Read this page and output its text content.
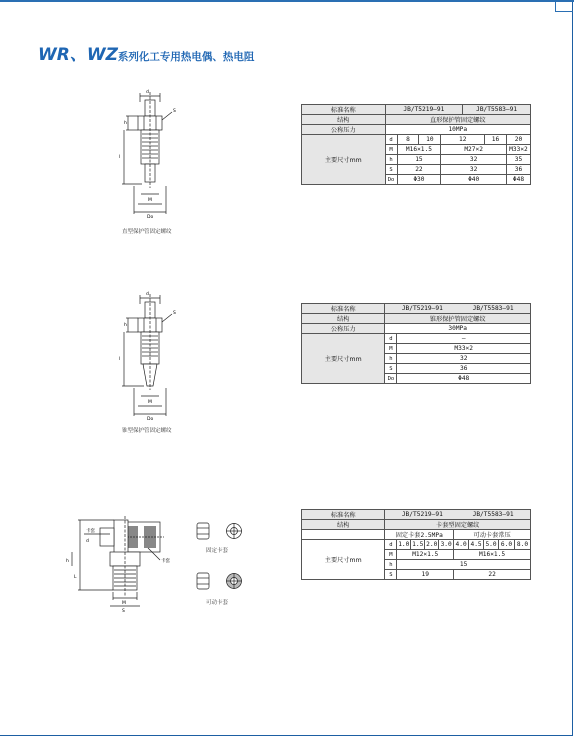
WR、WZ系列化工专用热电偶、热电阻
d
S
h
l
M
Do
直型保护管固定螺纹
标准名称	JB/T5219—91				JB/T5583—91		
结构	直形保护管固定螺纹						
公称压力	10MPa						
主要尺寸mm	d	8	10	12		16	20
	M	M16×1.5		M27×2			M33×2
	h	15		32			35
	S	22		32			36
	Do	Φ30		Φ40			Φ48
d
S
h
l
M
Do
锥型保护管固定螺纹
标准名称	JB/T5219—91 JB/T5583—91	
结构	锥形保护管固定螺纹	
公称压力	30MPa	
主要尺寸mm	d	—
	M	M33×2
	h	32
	S	36
	Do	Φ48
卡套
卡套
d
h
L
M
S
固定卡套
可动卡套
标准名称	JB/T5219—91 JB/T5583—91									
结构	卡套型固定螺纹									
	固定卡套2.5MPa					可动卡套常压				
主要尺寸mm	d	1.0	1.5	2.0	3.0	4.0	4.5	5.0	6.0	8.0
	M	M12×1.5				M16×1.5				
	h	15								
	S	19				22				
